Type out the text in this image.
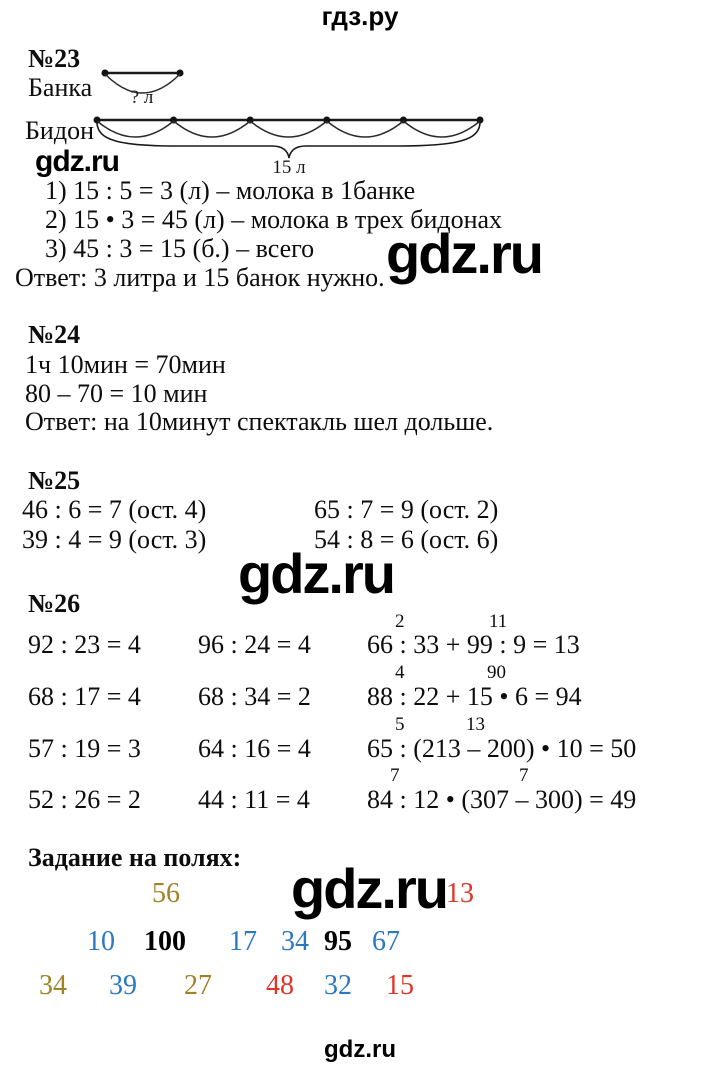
гдз.ру
№23
Банка
Бидон
? л
15 л
1) 15 : 5 = 3 (л) – молока в 1банке
2) 15 • 3 = 45 (л) – молока в трех бидонах
3) 45 : 3 = 15 (б.) – всего
Ответ: 3 литра и 15 банок нужно.
gdz.ru
gdz.ru
№24
1ч 10мин = 70мин
80 – 70 = 10 мин
Ответ: на 10минут спектакль шел дольше.
№25
46 : 6 = 7 (ост. 4)	65 : 7 = 9 (ост. 2)
39 : 4 = 9 (ост. 3)	54 : 8 = 6 (ост. 6)
gdz.ru
№26
2	11
92 : 23 = 4 96 : 24 = 4 66 : 33 + 99 : 9 = 13
4	90
68 : 17 = 4 68 : 34 = 2 88 : 22 + 15 • 6 = 94
5	13
57 : 19 = 3 64 : 16 = 4 65 : (213 – 200) • 10 = 50
7	7
52 : 26 = 2 44 : 11 = 4 84 : 12 • (307 – 300) = 49
Задание на полях:
56
10 100 17
34 39 27
13
34 95 67
48 32 15
gdz.ru
gdz.ru
